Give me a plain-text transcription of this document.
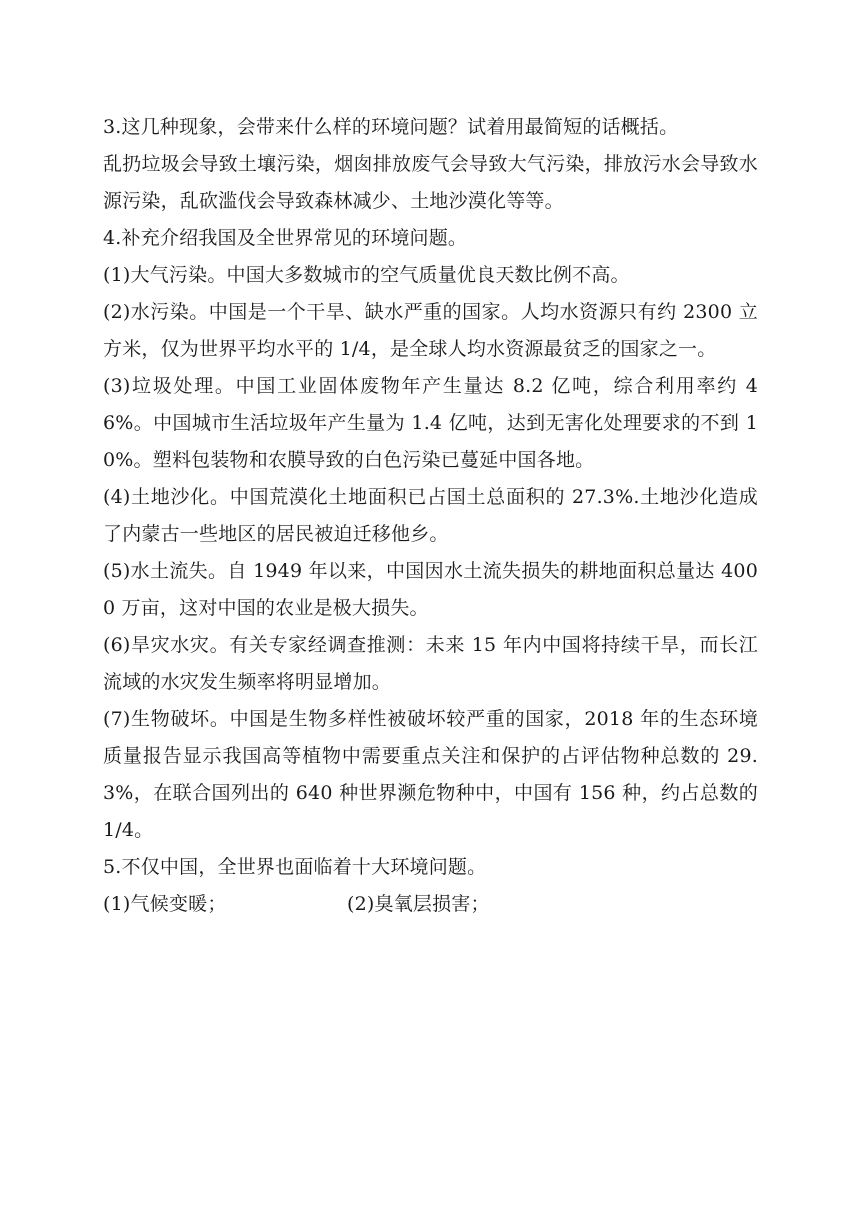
3.这几种现象，会带来什么样的环境问题？试着用最简短的话概括。

乱扔垃圾会导致土壤污染，烟囱排放废气会导致大气污染，排放污水会导致水源污染，乱砍滥伐会导致森林减少、土地沙漠化等等。

4.补充介绍我国及全世界常见的环境问题。

(1)大气污染。中国大多数城市的空气质量优良天数比例不高。

(2)水污染。中国是一个干旱、缺水严重的国家。人均水资源只有约 2300 立方米，仅为世界平均水平的 1/4，是全球人均水资源最贫乏的国家之一。

(3)垃圾处理。中国工业固体废物年产生量达 8.2 亿吨，综合利用率约 46%。中国城市生活垃圾年产生量为 1.4 亿吨，达到无害化处理要求的不到 10%。塑料包装物和农膜导致的白色污染已蔓延中国各地。

(4)土地沙化。中国荒漠化土地面积已占国土总面积的 27.3%.土地沙化造成了内蒙古一些地区的居民被迫迁移他乡。

(5)水土流失。自 1949 年以来，中国因水土流失损失的耕地面积总量达 4000 万亩，这对中国的农业是极大损失。

(6)旱灾水灾。有关专家经调查推测：未来 15 年内中国将持续干旱，而长江流域的水灾发生频率将明显增加。

(7)生物破坏。中国是生物多样性被破坏较严重的国家，2018 年的生态环境质量报告显示我国高等植物中需要重点关注和保护的占评估物种总数的 29.3%，在联合国列出的 640 种世界濒危物种中，中国有 156 种，约占总数的 1/4。

5.不仅中国，全世界也面临着十大环境问题。

(1)气候变暖；	(2)臭氧层损害；
